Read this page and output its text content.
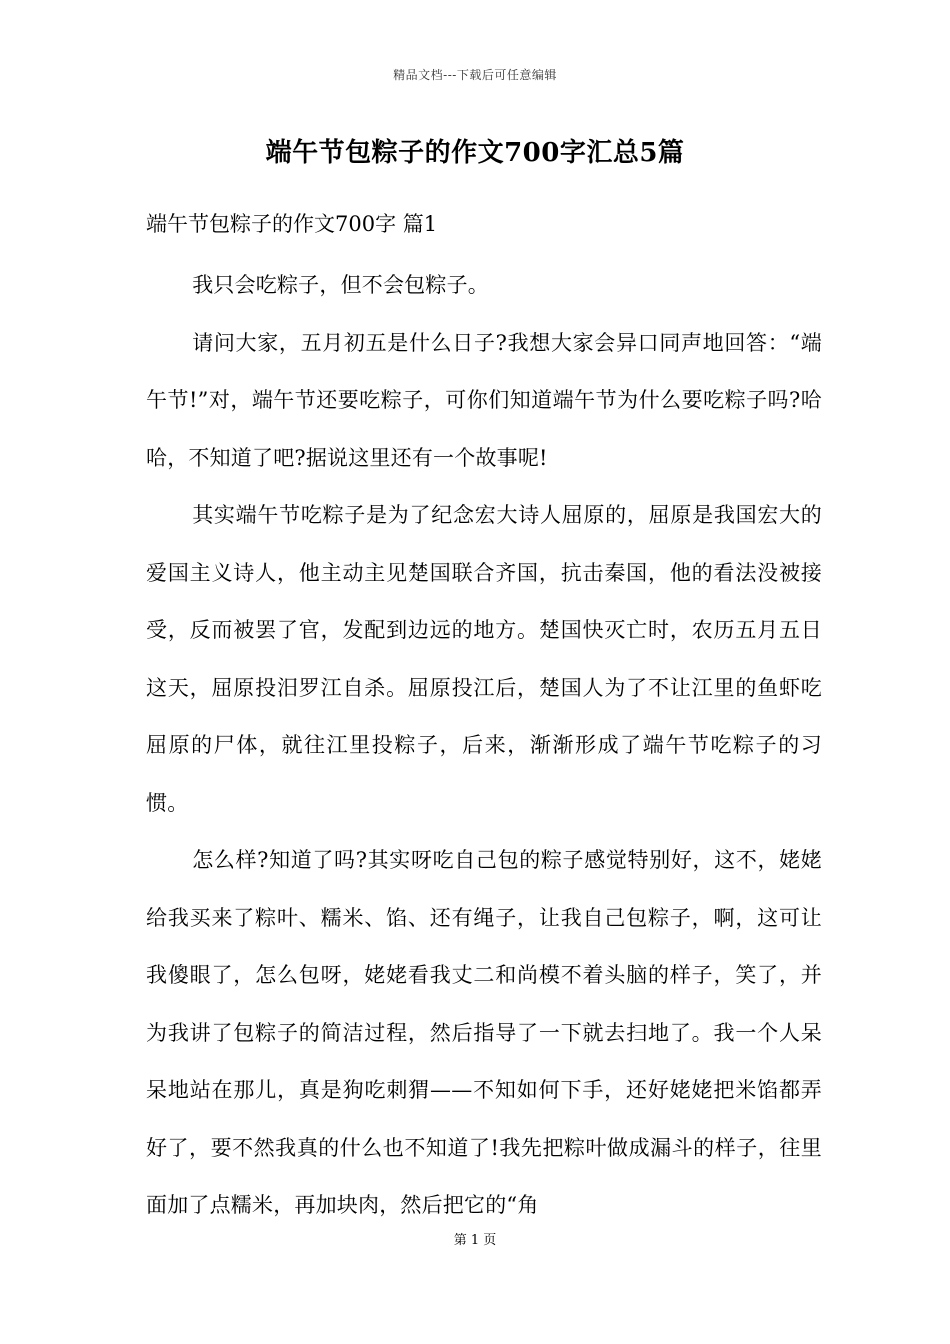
精品文档---下载后可任意编辑
端午节包粽子的作文700字汇总5篇
端午节包粽子的作文700字 篇1

我只会吃粽子，但不会包粽子。

请问大家，五月初五是什么日子?我想大家会异口同声地回答：“端午节!”对，端午节还要吃粽子，可你们知道端午节为什么要吃粽子吗?哈哈，不知道了吧?据说这里还有一个故事呢!

其实端午节吃粽子是为了纪念宏大诗人屈原的，屈原是我国宏大的爱国主义诗人，他主动主见楚国联合齐国，抗击秦国，他的看法没被接受，反而被罢了官，发配到边远的地方。楚国快灭亡时，农历五月五日这天，屈原投汨罗江自杀。屈原投江后，楚国人为了不让江里的鱼虾吃屈原的尸体，就往江里投粽子，后来，渐渐形成了端午节吃粽子的习惯。

怎么样?知道了吗?其实呀吃自己包的粽子感觉特别好，这不，姥姥给我买来了粽叶、糯米、馅、还有绳子，让我自己包粽子，啊，这可让我傻眼了，怎么包呀，姥姥看我丈二和尚模不着头脑的样子，笑了，并为我讲了包粽子的简洁过程，然后指导了一下就去扫地了。我一个人呆呆地站在那儿，真是狗吃刺猬——不知如何下手，还好姥姥把米馅都弄好了，要不然我真的什么也不知道了!我先把粽叶做成漏斗的样子，往里面加了点糯米，再加块肉，然后把它的“角

第 1 页
